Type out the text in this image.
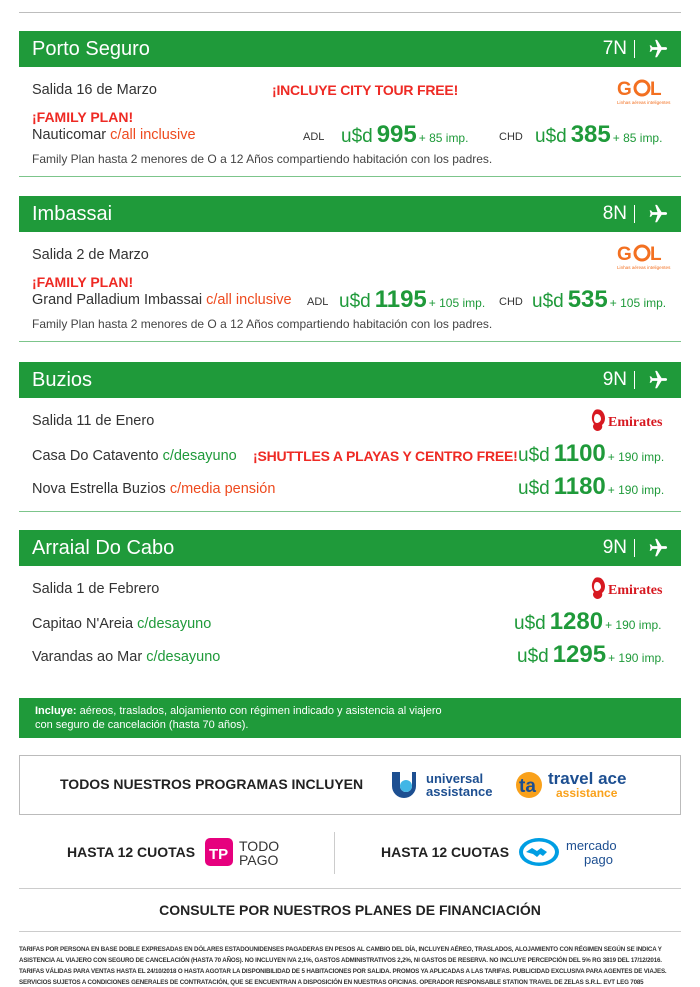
Porto Seguro	7N
Salida 16 de Marzo	¡INCLUYE CITY TOUR FREE!	G L
Linhas aéreas inteligentes
¡FAMILY PLAN!
Nauticomar c/all inclusive	ADL u$d 995 + 85 imp.	CHD u$d 385 + 85 imp.
Family Plan hasta 2 menores de O a 12 Años compartiendo habitación con los padres.
Imbassai	8N
Salida 2 de Marzo	G L
Linhas aéreas inteligentes
¡FAMILY PLAN!
Grand Palladium Imbassai c/all inclusive ADL u$d 1195 + 105 imp. CHD u$d 535 + 105 imp.
Family Plan hasta 2 menores de O a 12 Años compartiendo habitación con los padres.
Buzios	9N
Salida 11 de Enero	Emirates
Casa Do Catavento c/desayuno ¡SHUTTLES A PLAYAS Y CENTRO FREE! u$d 1100 + 190 imp.
Nova Estrella Buzios c/media pensión	u$d 1180 + 190 imp.
Arraial Do Cabo	9N
Salida 1 de Febrero	Emirates
Capitao N'Areia c/desayuno	u$d 1280 + 190 imp.
Varandas ao Mar c/desayuno	u$d 1295 + 190 imp.
Incluye: aéreos, traslados, alojamiento con régimen indicado y asistencia al viajero
con seguro de cancelación (hasta 70 años).
TODOS NUESTROS PROGRAMAS INCLUYEN	universal
assistance ta travel ace
assistance
HASTA 12 CUOTAS TP TODO
PAGO	HASTA 12 CUOTAS	mercado
pago
CONSULTE POR NUESTROS PLANES DE FINANCIACIÓN
TARIFAS POR PERSONA EN BASE DOBLE EXPRESADAS EN DÓLARES ESTADOUNIDENSES PAGADERAS EN PESOS AL CAMBIO DEL DÍA, INCLUYEN AÉREO, TRASLADOS, ALOJAMIENTO CON RÉGIMEN SEGÚN SE INDICA Y ASISTENCIA AL VIAJERO CON SEGURO DE CANCELACIÓN (HASTA 70 AÑOS). NO INCLUYEN IVA 2,1%, GASTOS ADMINISTRATIVOS 2,2%, NI GASTOS DE RESERVA. NO INCLUYE PERCEPCIÓN DEL 5% RG 3819 DEL 17/12/2016. TARIFAS VÁLIDAS PARA VENTAS HASTA EL 24/10/2018 O HASTA AGOTAR LA DISPONIBILIDAD DE 5 HABITACIONES POR SALIDA. PROMOS YA APLICADAS A LAS TARIFAS. PUBLICIDAD EXCLUSIVA PARA AGENTES DE VIAJES. SERVICIOS SUJETOS A CONDICIONES GENERALES DE CONTRATACIÓN, QUE SE ENCUENTRAN A DISPOSICIÓN EN NUESTRAS OFICINAS. OPERADOR RESPONSABLE STATION TRAVEL DE ZELAS S.R.L. EVT LEG 7085
